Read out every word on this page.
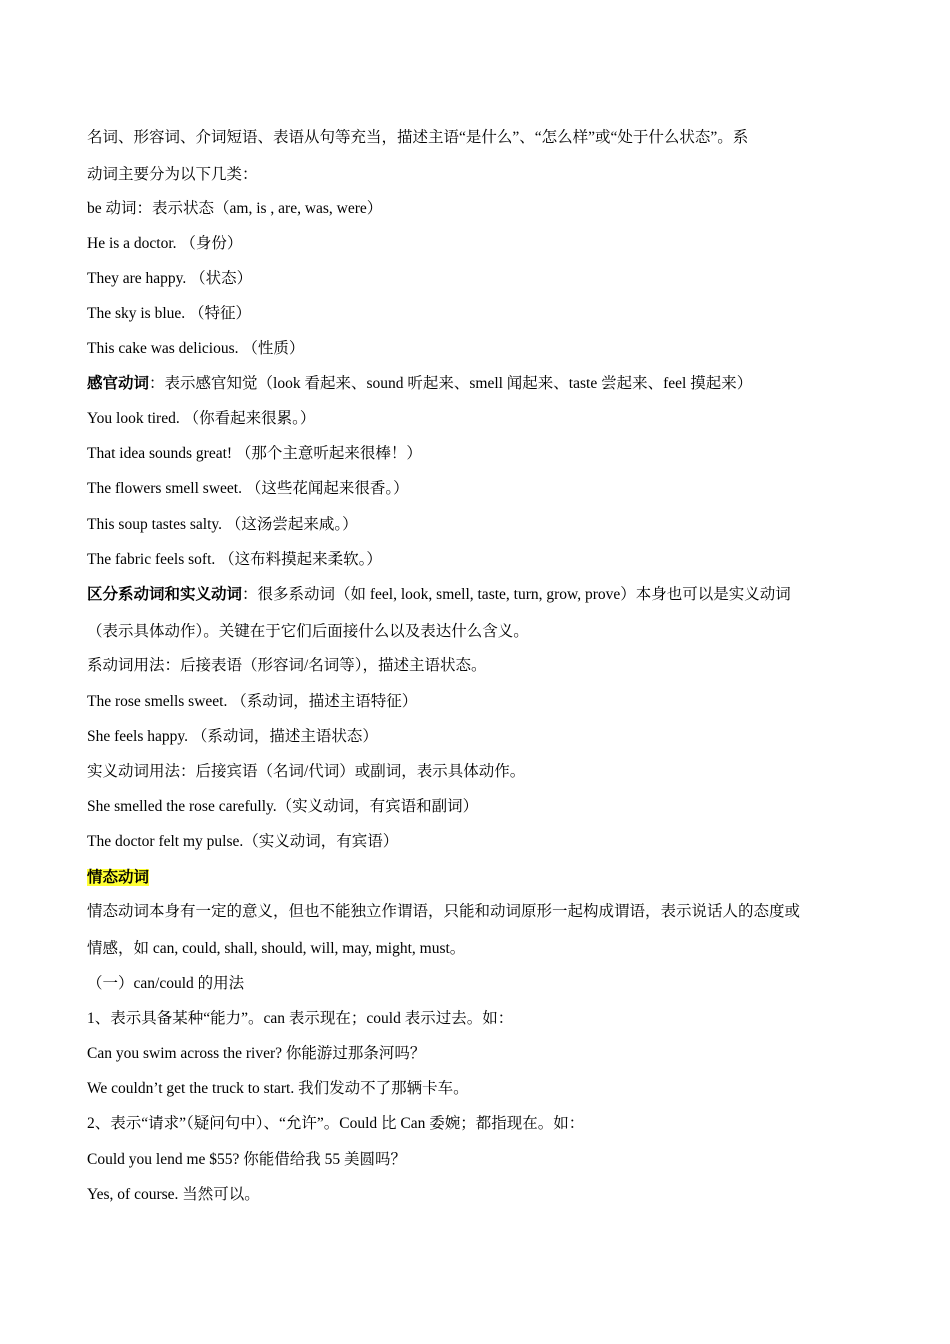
名词、形容词、介词短语、表语从句等充当，描述主语“是什么”、“怎么样”或“处于什么状态”。系
动词主要分为以下几类：
be 动词：表示状态（am, is , are, was, were）
He is a doctor. （身份）
They are happy. （状态）
The sky is blue. （特征）
This cake was delicious. （性质）
感官动词：表示感官知觉（look 看起来、sound 听起来、smell 闻起来、taste 尝起来、feel 摸起来）
You look tired. （你看起来很累。）
That idea sounds great! （那个主意听起来很棒！）
The flowers smell sweet. （这些花闻起来很香。）
This soup tastes salty. （这汤尝起来咸。）
The fabric feels soft. （这布料摸起来柔软。）
区分系动词和实义动词：很多系动词（如 feel, look, smell, taste, turn, grow, prove）本身也可以是实义动词
（表示具体动作）。关键在于它们后面接什么以及表达什么含义。
系动词用法：后接表语（形容词/名词等），描述主语状态。
The rose smells sweet. （系动词，描述主语特征）
She feels happy. （系动词，描述主语状态）
实义动词用法：后接宾语（名词/代词）或副词，表示具体动作。
She smelled the rose carefully.（实义动词，有宾语和副词）
The doctor felt my pulse.（实义动词，有宾语）
情态动词
情态动词本身有一定的意义，但也不能独立作谓语，只能和动词原形一起构成谓语，表示说话人的态度或
情感，如 can, could, shall, should, will, may, might, must。
（一）can/could 的用法
1、表示具备某种“能力”。can 表示现在；could 表示过去。如：
Can you swim across the river? 你能游过那条河吗？
We couldn’t get the truck to start. 我们发动不了那辆卡车。
2、表示“请求”（疑问句中）、“允许”。Could 比 Can 委婉；都指现在。如：
Could you lend me $55? 你能借给我 55 美圆吗？
Yes, of course. 当然可以。
